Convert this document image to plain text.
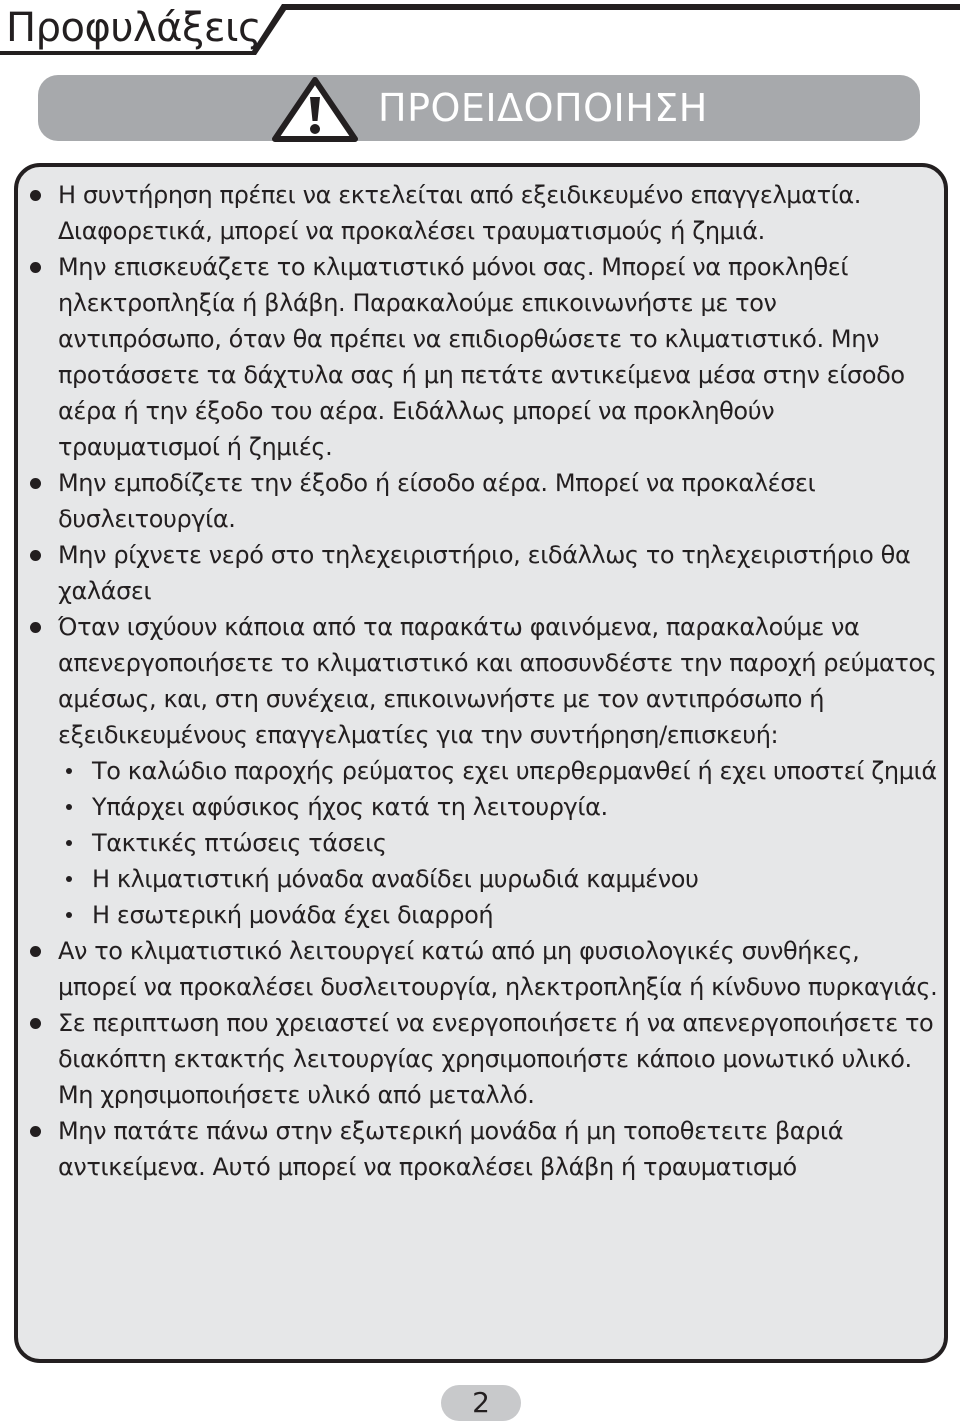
Προφυλάξεις
ΠΡΟΕΙΔΟΠΟΙΗΣΗ
Η συντήρηση πρέπει να εκτελείται από εξειδικευμένο επαγγελματία. Διαφορετικά, μπορεί να προκαλέσει τραυματισμούς ή ζημιά.
Μην επισκευάζετε το κλιματιστικό μόνοι σας. Μπορεί να προκληθεί ηλεκτροπληξία ή βλάβη. Παρακαλούμε επικοινωνήστε με τον αντιπρόσωπο, όταν θα πρέπει να επιδιορθώσετε το κλιματιστικό. Μην προτάσσετε τα δάχτυλα σας ή μη πετάτε αντικείμενα μέσα στην είσοδο αέρα ή την έξοδο του αέρα. Ειδάλλως μπορεί να προκληθούν τραυματισμοί ή ζημιές.
Μην εμποδίζετε την έξοδο ή είσοδο αέρα. Μπορεί να προκαλέσει δυσλειτουργία.
Μην ρίχνετε νερό στο τηλεχειριστήριο, ειδάλλως το τηλεχειριστήριο θα χαλάσει
Όταν ισχύουν κάποια από τα παρακάτω φαινόμενα, παρακαλούμε να απενεργοποιήσετε το κλιματιστικό και αποσυνδέστε την παροχή ρεύματος αμέσως, και, στη συνέχεια, επικοινωνήστε με τον αντιπρόσωπο ή εξειδικευμένους επαγγελματίες για την συντήρηση/επισκευή:
Το καλώδιο παροχής ρεύματος εχει υπερθερμανθεί ή εχει υποστεί ζημιά
Υπάρχει αφύσικος ήχος κατά τη λειτουργία.
Τακτικές πτώσεις τάσεις
Η κλιματιστική μόναδα αναδίδει μυρωδιά καμμένου
Η εσωτερική μονάδα έχει διαρροή
Αν το κλιματιστικό λειτουργεί κατώ από μη φυσιολογικές συνθήκες, μπορεί να προκαλέσει δυσλειτουργία, ηλεκτροπληξία ή κίνδυνο πυρκαγιάς.
Σε περιπτωση που χρειαστεί να ενεργοποιήσετε ή να απενεργοποιήσετε το διακόπτη εκτακτής λειτουργίας χρησιμοποιήστε κάποιο μονωτικό υλικό. Μη χρησιμοποιήσετε υλικό από μεταλλό.
Μην πατάτε πάνω στην εξωτερική μονάδα ή μη τοποθετειτε βαριά αντικείμενα. Αυτό μπορεί να προκαλέσει βλάβη ή τραυματισμό
2
